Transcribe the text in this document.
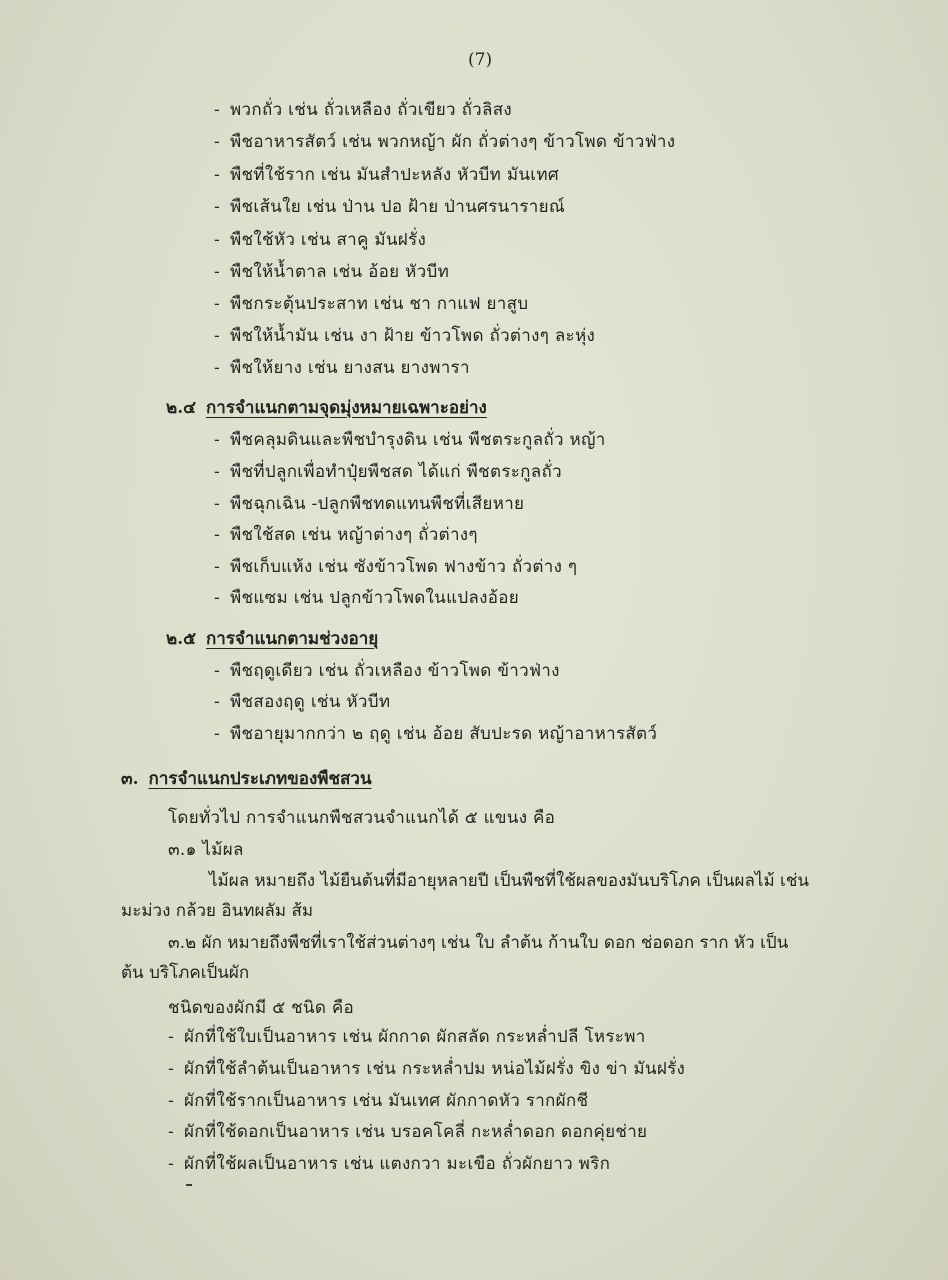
(7)
- พวกถั่ว เช่น ถั่วเหลือง ถั่วเขียว ถั่วลิสง
- พืชอาหารสัตว์ เช่น พวกหญ้า ผัก ถั่วต่างๆ ข้าวโพด ข้าวฟ่าง
- พืชที่ใช้ราก เช่น มันสำปะหลัง หัวบีท มันเทศ
- พืชเส้นใย เช่น ป่าน ปอ ฝ้าย ป่านศรนารายณ์
- พืชใช้หัว เช่น สาคู มันฝรั่ง
- พืชให้น้ำตาล เช่น อ้อย หัวบีท
- พืชกระตุ้นประสาท เช่น ชา กาแฟ ยาสูบ
- พืชให้น้ำมัน เช่น งา ฝ้าย ข้าวโพด ถั่วต่างๆ ละหุ่ง
- พืชให้ยาง เช่น ยางสน ยางพารา
๒.๔ การจำแนกตามจุดมุ่งหมายเฉพาะอย่าง
- พืชคลุมดินและพืชบำรุงดิน เช่น พืชตระกูลถั่ว หญ้า
- พืชที่ปลูกเพื่อทำปุ๋ยพืชสด ได้แก่ พืชตระกูลถั่ว
- พืชฉุกเฉิน -ปลูกพืชทดแทนพืชที่เสียหาย
- พืชใช้สด เช่น หญ้าต่างๆ ถั่วต่างๆ
- พืชเก็บแห้ง เช่น ซังข้าวโพด ฟางข้าว ถั่วต่าง ๆ
- พืชแซม เช่น ปลูกข้าวโพดในแปลงอ้อย
๒.๕ การจำแนกตามช่วงอายุ
- พืชฤดูเดียว เช่น ถั่วเหลือง ข้าวโพด ข้าวฟ่าง
- พืชสองฤดู เช่น หัวบีท
- พืชอายุมากกว่า ๒ ฤดู เช่น อ้อย สับปะรด หญ้าอาหารสัตว์
๓. การจำแนกประเภทของพืชสวน
โดยทั่วไป การจำแนกพืชสวนจำแนกได้ ๕ แขนง คือ
๓.๑ ไม้ผล
ไม้ผล หมายถึง ไม้ยืนต้นที่มีอายุหลายปี เป็นพืชที่ใช้ผลของมันบริโภค เป็นผลไม้ เช่น
มะม่วง กล้วย อินทผลัม ส้ม
๓.๒ ผัก หมายถึงพืชที่เราใช้ส่วนต่างๆ เช่น ใบ ลำต้น ก้านใบ ดอก ช่อดอก ราก หัว เป็น
ต้น บริโภคเป็นผัก
ชนิดของผักมี ๕ ชนิด คือ
- ผักที่ใช้ใบเป็นอาหาร เช่น ผักกาด ผักสลัด กระหล่ำปลี โหระพา
- ผักที่ใช้ลำต้นเป็นอาหาร เช่น กระหล่ำปม หน่อไม้ฝรั่ง ขิง ข่า มันฝรั่ง
- ผักที่ใช้รากเป็นอาหาร เช่น มันเทศ ผักกาดหัว รากผักชี
- ผักที่ใช้ดอกเป็นอาหาร เช่น บรอคโคลี่ กะหล่ำดอก ดอกคุ่ยช่าย
- ผักที่ใช้ผลเป็นอาหาร เช่น แตงกวา มะเขือ ถั่วผักยาว พริก
